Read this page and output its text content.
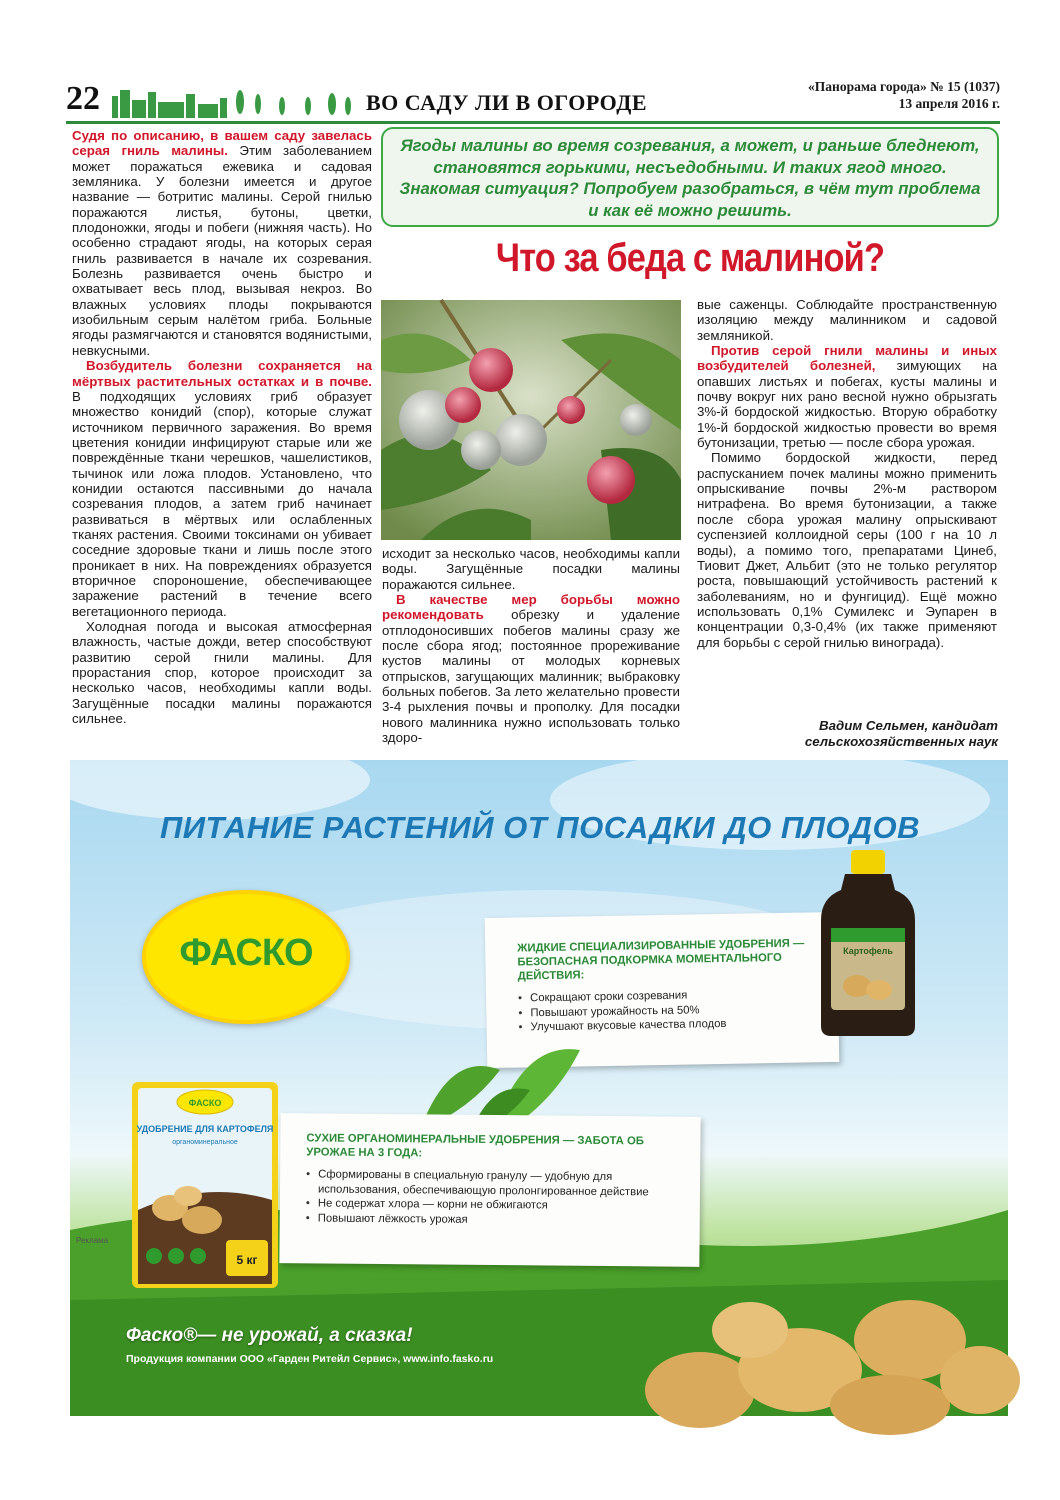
22	ВО САДУ ЛИ В ОГОРОДЕ
«Панорама города» № 15 (1037)
13 апреля 2016 г.

Судя по описанию, в вашем саду завелась серая гниль малины. Этим заболеванием может поражаться ежевика и садовая земляника. У болезни имеется и другое название — ботритис малины. Серой гнилью поражаются листья, бутоны, цветки, плодоножки, ягоды и побеги (нижняя часть). Но особенно страдают ягоды, на которых серая гниль развивается в начале их созревания. Болезнь развивается очень быстро и охватывает весь плод, вызывая некроз. Во влажных условиях плоды покрываются изобильным серым налётом гриба. Больные ягоды размягчаются и становятся водянистыми, невкусными.

Возбудитель болезни сохраняется на мёртвых растительных остатках и в почве. В подходящих условиях гриб образует множество конидий (спор), которые служат источником первичного заражения. Во время цветения конидии инфицируют старые или же повреждённые ткани черешков, чашелистиков, тычинок или ложа плодов. Установлено, что конидии остаются пассивными до начала созревания плодов, а затем гриб начинает развиваться в мёртвых или ослабленных тканях растения. Своими токсинами он убивает соседние здоровые ткани и лишь после этого проникает в них. На повреждениях образуется вторичное спороношение, обеспечивающее заражение растений в течение всего вегетационного периода.

Холодная погода и высокая атмосферная влажность, частые дожди, ветер способствуют развитию серой гнили малины. Для прорастания спор, которое происходит за несколько часов, необходимы капли воды. Загущённые посадки малины поражаются сильнее.

Ягоды малины во время созревания, а может, и раньше бледнеют, становятся горькими, несъедобными. И таких ягод много. Знакомая ситуация? Попробуем разобраться, в чём тут проблема и как её можно решить.
Что за беда с малиной?

исходит за несколько часов, необходимы капли воды. Загущённые посадки малины поражаются сильнее.

В качестве мер борьбы можно рекомендовать обрезку и удаление отплодоносивших побегов малины сразу же после сбора ягод; постоянное прореживание кустов малины от молодых корневых отпрысков, загущающих малинник; выбраковку больных побегов. За лето желательно провести 3-4 рыхления почвы и прополку. Для посадки нового малинника нужно использовать только здоро-

вые саженцы. Соблюдайте пространственную изоляцию между малинником и садовой земляникой.

Против серой гнили малины и иных возбудителей болезней, зимующих на опавших листьях и побегах, кусты малины и почву вокруг них рано весной нужно обрызгать 3%-й бордоской жидкостью. Вторую обработку 1%-й бордоской жидкостью провести во время бутонизации, третью — после сбора урожая.

Помимо бордоской жидкости, перед распусканием почек малины можно применить опрыскивание почвы 2%-м раствором нитрафена. Во время бутонизации, а также после сбора урожая малину опрыскивают суспензией коллоидной серы (100 г на 10 л воды), а помимо того, препаратами Цинеб, Тиовит Джет, Альбит (это не только регулятор роста, повышающий устойчивость растений к заболеваниям, но и фунгицид). Ещё можно использовать 0,1% Сумилекс и Эупарен в концентрации 0,3-0,4% (их также применяют для борьбы с серой гнилью винограда).

Вадим Сельмен, кандидат
сельскохозяйственных наук
ПИТАНИЕ РАСТЕНИЙ ОТ ПОСАДКИ ДО ПЛОДОВ
ФАСКО	ЖИДКИЕ СПЕЦИАЛИЗИРОВАННЫЕ УДОБРЕНИЯ — БЕЗОПАСНАЯ ПОДКОРМКА МОМЕНТАЛЬНОГО ДЕЙСТВИЯ:
• Сокращают сроки созревания
• Повышают урожайность на 50%
• Улучшают вкусовые качества плодов
Картофель
СУХИЕ ОРГАНОМИНЕРАЛЬНЫЕ УДОБРЕНИЯ — ЗАБОТА ОБ УРОЖАЕ НА 3 ГОДА:
• Сформированы в специальную гранулу — удобную для использования, обеспечивающую пролонгированное действие
• Не содержат хлора — корни не обжигаются
• Повышают лёжкость урожая
ФАСКО
УДОБРЕНИЕ ДЛЯ КАРТОФЕЛЯ
органоминеральное
5 кг
Реклама
Фаско®— не урожай, а сказка!
Продукция компании ООО «Гарден Ритейл Сервис», www.info.fasko.ru
